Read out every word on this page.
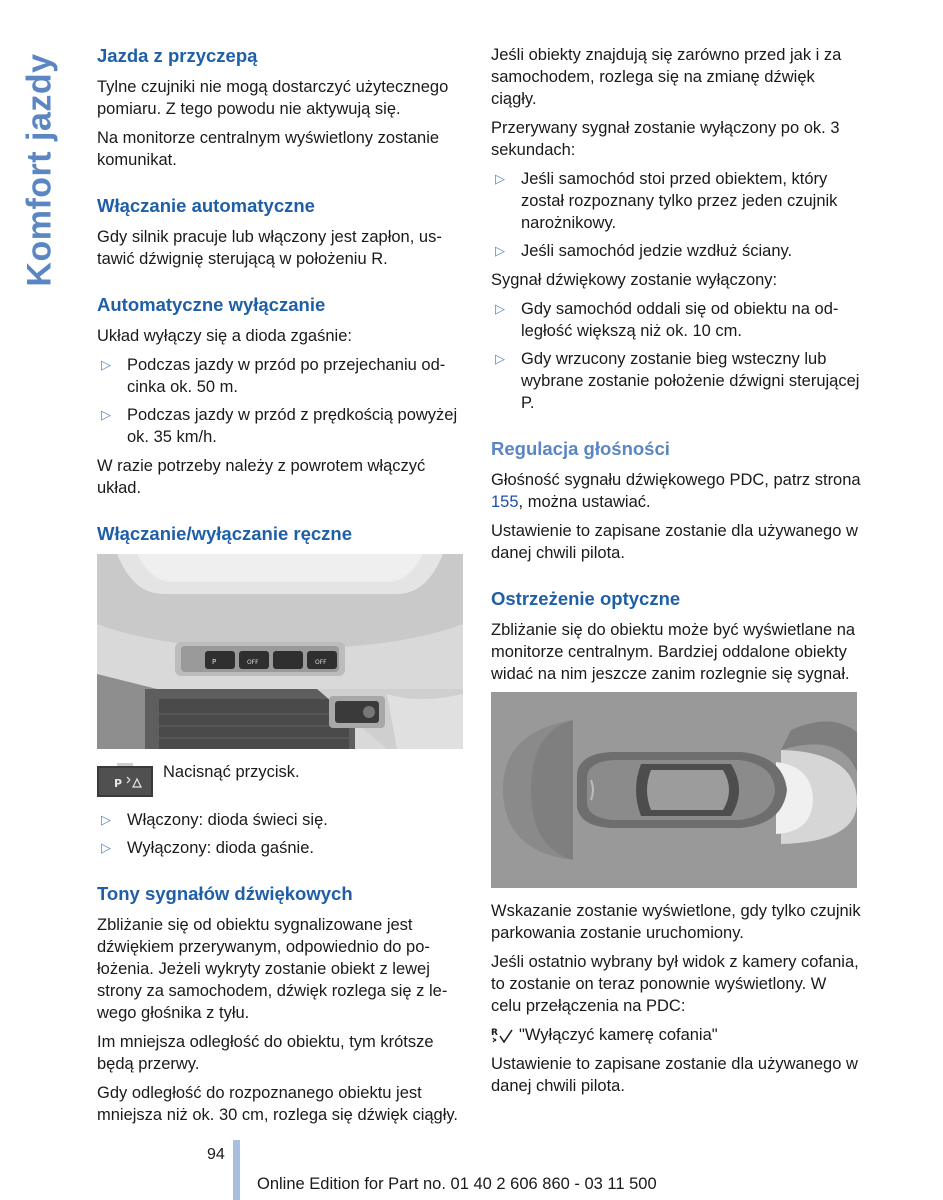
Komfort jazdy Jazda z przyczepą

Tylne czujniki nie mogą dostarczyć użytecznego pomiaru. Z tego powodu nie aktywują się.

Na monitorze centralnym wyświetlony zostanie komunikat.

Włączanie automatyczne

Gdy silnik pracuje lub włączony jest zapłon, ustawić dźwignię sterującą w położeniu R.

Automatyczne wyłączanie

Układ wyłączy się a dioda zgaśnie:

▷ Podczas jazdy w przód po przejechaniu odcinka ok. 50 m.
▷ Podczas jazdy w przód z prędkością powyżej ok. 35 km/h.

W razie potrzeby należy z powrotem włączyć układ.

Włączanie/wyłączanie ręczne
P	OFF	OFF
P

Nacisnąć przycisk.

▷ Włączony: dioda świeci się.
▷ Wyłączony: dioda gaśnie.
Tony sygnałów dźwiękowych

Zbliżanie się od obiektu sygnalizowane jest dźwiękiem przerywanym, odpowiednio do położenia. Jeżeli wykryty zostanie obiekt z lewej strony za samochodem, dźwięk rozlega się z lewego głośnika z tyłu.

Im mniejsza odległość do obiektu, tym krótsze będą przerwy.

Gdy odległość do rozpoznanego obiektu jest mniejsza niż ok. 30 cm, rozlega się dźwięk ciągły.

Jeśli obiekty znajdują się zarówno przed jak i za samochodem, rozlega się na zmianę dźwięk ciągły.

Przerywany sygnał zostanie wyłączony po ok. 3 sekundach:

▷ Jeśli samochód stoi przed obiektem, który został rozpoznany tylko przez jeden czujnik narożnikowy.
▷ Jeśli samochód jedzie wzdłuż ściany.

Sygnał dźwiękowy zostanie wyłączony:

▷ Gdy samochód oddali się od obiektu na odległość większą niż ok. 10 cm.
▷ Gdy wrzucony zostanie bieg wsteczny lub wybrane zostanie położenie dźwigni sterującej P.
Regulacja głośności

Głośność sygnału dźwiękowego PDC, patrz strona 155, można ustawiać.

Ustawienie to zapisane zostanie dla używanego w danej chwili pilota.

Ostrzeżenie optyczne

Zbliżanie się do obiektu może być wyświetlane na monitorze centralnym. Bardziej oddalone obiekty widać na nim jeszcze zanim rozlegnie się sygnał.

Wskazanie zostanie wyświetlone, gdy tylko czujnik parkowania zostanie uruchomiony.

Jeśli ostatnio wybrany był widok z kamery cofania, to zostanie on teraz ponownie wyświetlony. W celu przełączenia na PDC:

R "Wyłączyć kamerę cofania"

Ustawienie to zapisane zostanie dla używanego w danej chwili pilota.

94
Online Edition for Part no. 01 40 2 606 860 - 03 11 500
